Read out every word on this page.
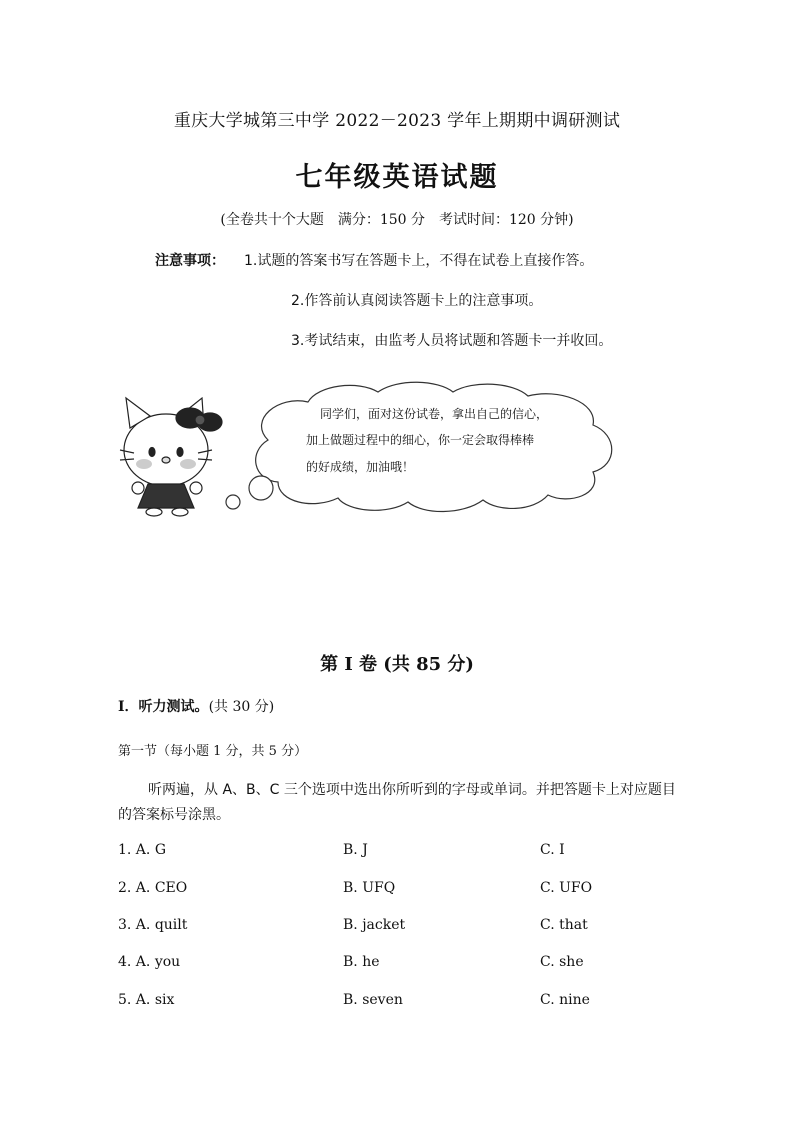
重庆大学城第三中学 2022－2023 学年上期期中调研测试
七年级英语试题
(全卷共十个大题　满分：150 分　考试时间：120 分钟)
注意事项： 1.试题的答案书写在答题卡上，不得在试卷上直接作答。
2.作答前认真阅读答题卡上的注意事项。
3.考试结束，由监考人员将试题和答题卡一并收回。
同学们，面对这份试卷，拿出自己的信心，
加上做题过程中的细心，你一定会取得棒棒
的好成绩，加油哦！
第 I 卷 (共 85 分)
I．听力测试。(共 30 分)
第一节（每小题 1 分，共 5 分）
听两遍，从 A、B、C 三个选项中选出你所听到的字母或单词。并把答题卡上对应题目的答案标号涂黑。
1. A. G	B. J	C. I
2. A. CEO	B. UFQ	C. UFO
3. A. quilt	B. jacket	C. that
4. A. you	B. he	C. she
5. A. six	B. seven	C. nine
